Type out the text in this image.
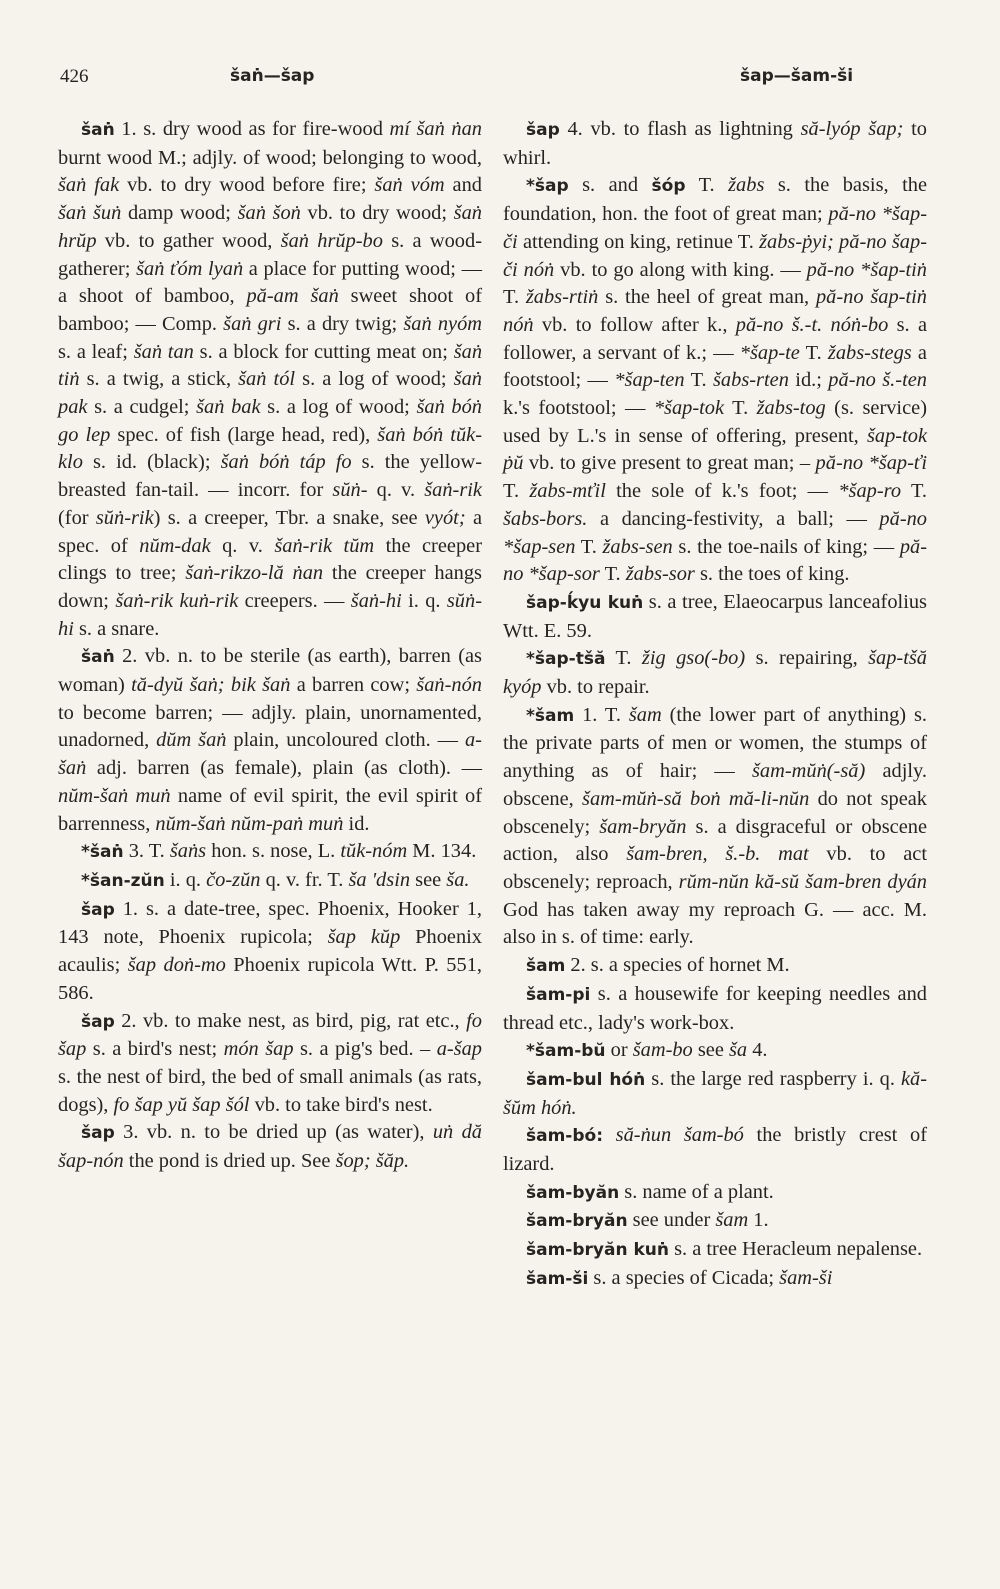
426	šaṅ—šap	šap—šam-ši

šaṅ 1. s. dry wood as for fire-wood mí šaṅ ṅan burnt wood M.; adjly. of wood; belonging to wood, šaṅ fak vb. to dry wood before fire; šaṅ vóm and šaṅ šuṅ damp wood; šaṅ šoṅ vb. to dry wood; šaṅ hrŭp vb. to gather wood, šaṅ hrŭp-bo s. a wood-gatherer; šaṅ ťóm lyaṅ a place for putting wood; — a shoot of bamboo, pă-am šaṅ sweet shoot of bamboo; — Comp. šaṅ gri s. a dry twig; šaṅ nyóm s. a leaf; šaṅ tan s. a block for cutting meat on; šaṅ tiṅ s. a twig, a stick, šaṅ tól s. a log of wood; šaṅ pak s. a cudgel; šaṅ bak s. a log of wood; šaṅ bóṅ go lep spec. of fish (large head, red), šaṅ bóṅ tŭk-klo s. id. (black); šaṅ bóṅ táp fo s. the yellow-breasted fan-tail. — incorr. for sŭṅ- q. v. šaṅ-rik (for sŭṅ-rik) s. a creeper, Tbr. a snake, see vyót; a spec. of nŭm-dak q. v. šaṅ-rik tŭm the creeper clings to tree; šaṅ-rikzo-lă ṅan the creeper hangs down; šaṅ-rik kuṅ-rik creepers. — šaṅ-hi i. q. sŭṅ-hi s. a snare.

šaṅ 2. vb. n. to be sterile (as earth), barren (as woman) tă-dyŭ šaṅ; bik šaṅ a barren cow; šaṅ-nón to become barren; — adjly. plain, unornamented, unadorned, dŭm šaṅ plain, uncoloured cloth. — a-šaṅ adj. barren (as female), plain (as cloth). — nŭm-šaṅ muṅ name of evil spirit, the evil spirit of barrenness, nŭm-šaṅ nŭm-paṅ muṅ id.

*šaṅ 3. T. šaṅs hon. s. nose, L. tŭk-nóm M. 134.

*šan-zŭn i. q. čo-zŭn q. v. fr. T. ša 'dsin see ša.

šap 1. s. a date-tree, spec. Phoenix, Hooker 1, 143 note, Phoenix rupicola; šap kŭp Phoenix acaulis; šap doṅ-mo Phoenix rupicola Wtt. P. 551, 586.

šap 2. vb. to make nest, as bird, pig, rat etc., fo šap s. a bird's nest; món šap s. a pig's bed. – a-šap s. the nest of bird, the bed of small animals (as rats, dogs), fo šap yŭ šap šól vb. to take bird's nest.

šap 3. vb. n. to be dried up (as water), uṅ dă šap-nón the pond is dried up. See šop; šăp.

šap 4. vb. to flash as lightning să-lyóp šap; to whirl.

*šap s. and šóp T. žabs s. the basis, the foundation, hon. the foot of great man; pă-no *šap-či attending on king, retinue T. žabs-ṗyi; pă-no šap-či nóṅ vb. to go along with king. — pă-no *šap-tiṅ T. žabs-rtiṅ s. the heel of great man, pă-no šap-tiṅ nóṅ vb. to follow after k., pă-no š.-t. nóṅ-bo s. a follower, a servant of k.; — *šap-te T. žabs-stegs a footstool; — *šap-ten T. šabs-rten id.; pă-no š.-ten k.'s footstool; — *šap-tok T. žabs-tog (s. service) used by L.'s in sense of offering, present, šap-tok ṗŭ vb. to give present to great man; – pă-no *šap-ťi T. žabs-mťil the sole of k.'s foot; — *šap-ro T. šabs-bors. a dancing-festivity, a ball; — pă-no *šap-sen T. žabs-sen s. the toe-nails of king; — pă-no *šap-sor T. žabs-sor s. the toes of king.

šap-ḱyu kuṅ s. a tree, Elaeocarpus lanceafolius Wtt. E. 59.

*šap-tšă T. žig gso(-bo) s. repairing, šap-tšă kyóp vb. to repair.

*šam 1. T. šam (the lower part of anything) s. the private parts of men or women, the stumps of anything as of hair; — šam-mŭṅ(-să) adjly. obscene, šam-mŭṅ-să boṅ mă-li-nŭn do not speak obscenely; šam-bryăn s. a disgraceful or obscene action, also šam-bren, š.-b. mat vb. to act obscenely; reproach, rŭm-nŭn kă-sŭ šam-bren dyán God has taken away my reproach G. — acc. M. also in s. of time: early.

šam 2. s. a species of hornet M.

šam-pi s. a housewife for keeping needles and thread etc., lady's work-box.

*šam-bŭ or šam-bo see ša 4.

šam-bul hóṅ s. the large red raspberry i. q. kă-šŭm hóṅ.

šam-bó: să-ṅun šam-bó the bristly crest of lizard.

šam-byăn s. name of a plant.

šam-bryăn see under šam 1.

šam-bryăn kuṅ s. a tree Heracleum nepalense.

šam-ši s. a species of Cicada; šam-ši
